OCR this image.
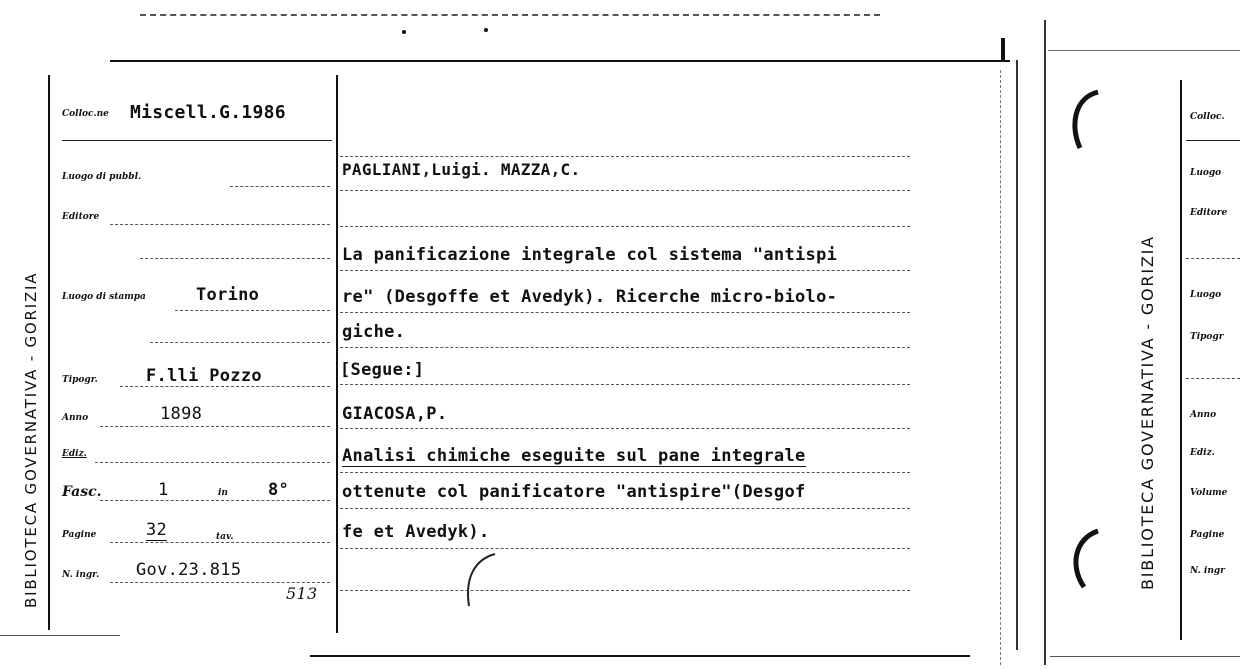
BIBLIOTECA GOVERNATIVA - GORIZIA
Colloc.ne Miscell.G.1986
Luogo di pubbl.
Editore
Luogo di stampa	Torino
Tipogr.	F.lli Pozzo
Anno	1898
Ediz.
Fasc.	1	in 8°
Pagine	32	tav.
N. ingr. Gov.23.815
513
PAGLIANI,Luigi. MAZZA,C.
La panificazione integrale col sistema "antispi
re" (Desgoffe et Avedyk). Ricerche micro-biolo-
giche.
[Segue:]
GIACOSA,P.
Analisi chimiche eseguite sul pane integrale
ottenute col panificatore "antispire"(Desgof
fe et Avedyk).	BIBLIOTECA GOVERNATIVA - GORIZIA
Colloc.
Luogo
Editore
Luogo
Tipogr
Anno
Ediz.
Volume
Pagine
N. ingr
